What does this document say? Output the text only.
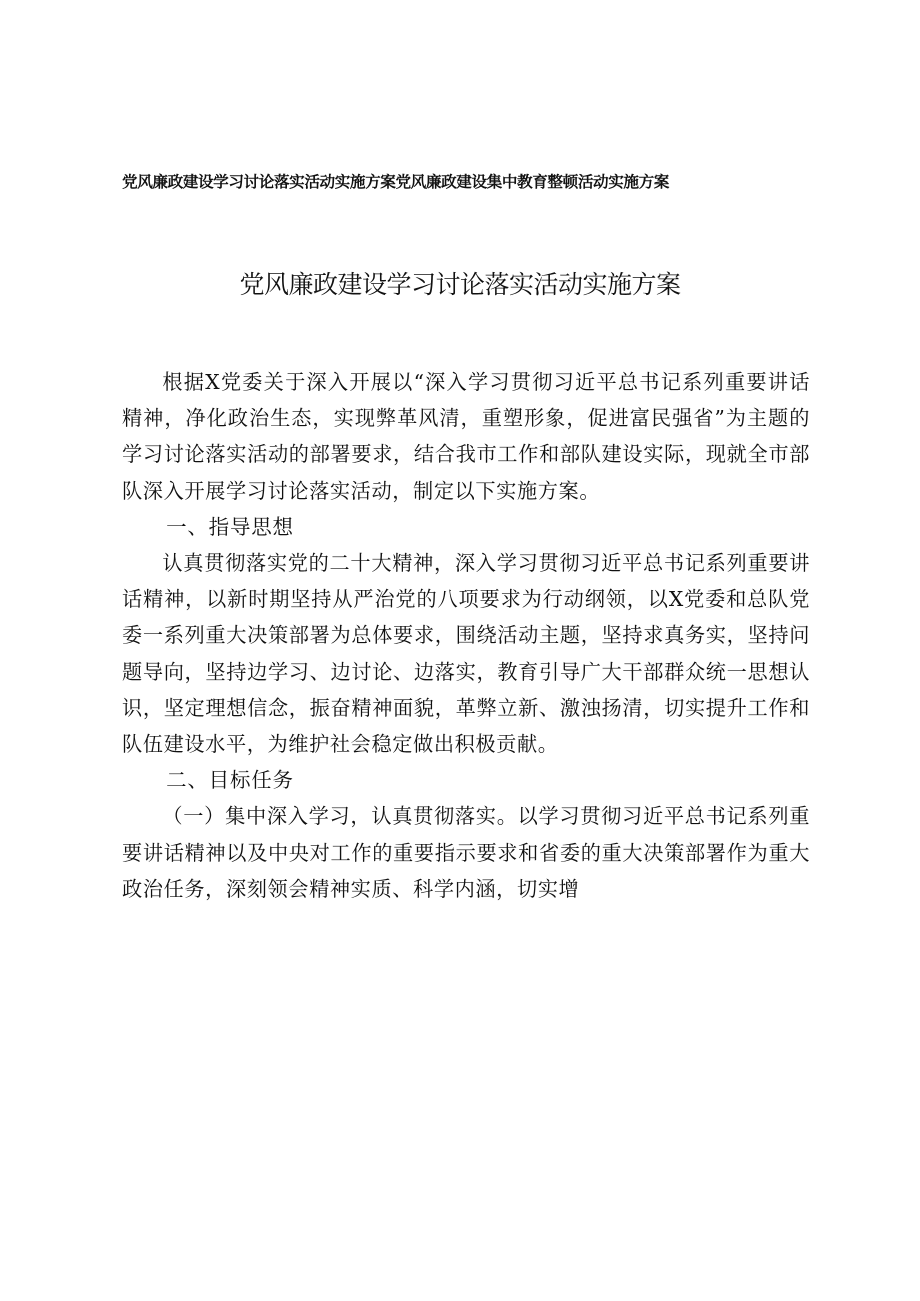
党风廉政建设学习讨论落实活动实施方案党风廉政建设集中教育整顿活动实施方案

党风廉政建设学习讨论落实活动实施方案

根据X党委关于深入开展以“深入学习贯彻习近平总书记系列重要讲话精神，净化政治生态，实现弊革风清，重塑形象，促进富民强省”为主题的学习讨论落实活动的部署要求，结合我市工作和部队建设实际，现就全市部队深入开展学习讨论落实活动，制定以下实施方案。

一、指导思想

认真贯彻落实党的二十大精神，深入学习贯彻习近平总书记系列重要讲话精神，以新时期坚持从严治党的八项要求为行动纲领，以X党委和总队党委一系列重大决策部署为总体要求，围绕活动主题，坚持求真务实，坚持问题导向，坚持边学习、边讨论、边落实，教育引导广大干部群众统一思想认识，坚定理想信念，振奋精神面貌，革弊立新、激浊扬清，切实提升工作和队伍建设水平，为维护社会稳定做出积极贡献。

二、目标任务

（一）集中深入学习，认真贯彻落实。以学习贯彻习近平总书记系列重要讲话精神以及中央对工作的重要指示要求和省委的重大决策部署作为重大政治任务，深刻领会精神实质、科学内涵，切实增
